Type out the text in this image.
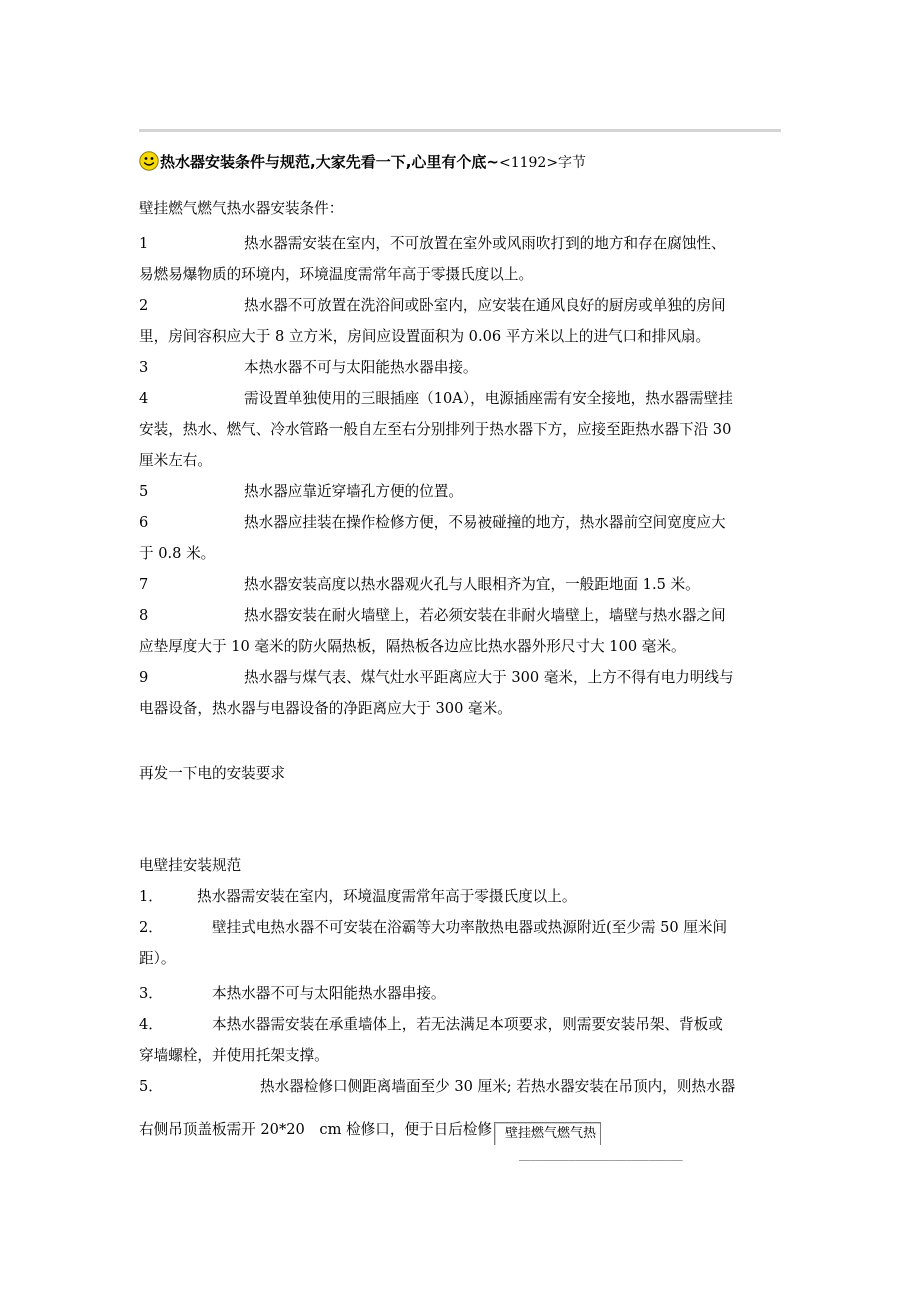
热水器安装条件与规范,大家先看一下,心里有个底~<1192>字节
壁挂燃气燃气热水器安装条件：
1	热水器需安装在室内，不可放置在室外或风雨吹打到的地方和存在腐蚀性、
易燃易爆物质的环境内，环境温度需常年高于零摄氏度以上。
2	热水器不可放置在洗浴间或卧室内，应安装在通风良好的厨房或单独的房间
里，房间容积应大于 8 立方米，房间应设置面积为 0.06 平方米以上的进气口和排风扇。
3	本热水器不可与太阳能热水器串接。
4	需设置单独使用的三眼插座（10A），电源插座需有安全接地，热水器需壁挂
安装，热水、燃气、冷水管路一般自左至右分别排列于热水器下方，应接至距热水器下沿 30
厘米左右。
5	热水器应靠近穿墙孔方便的位置。
6	热水器应挂装在操作检修方便，不易被碰撞的地方，热水器前空间宽度应大
于 0.8 米。
7	热水器安装高度以热水器观火孔与人眼相齐为宜，一般距地面 1.5 米。
8	热水器安装在耐火墙壁上，若必须安装在非耐火墙壁上，墙壁与热水器之间
应垫厚度大于 10 毫米的防火隔热板，隔热板各边应比热水器外形尺寸大 100 毫米。
9	热水器与煤气表、煤气灶水平距离应大于 300 毫米，上方不得有电力明线与
电器设备，热水器与电器设备的净距离应大于 300 毫米。
再发一下电的安装要求
电壁挂安装规范
1． 热水器需安装在室内，环境温度需常年高于零摄氏度以上。
2．	壁挂式电热水器不可安装在浴霸等大功率散热电器或热源附近(至少需 50 厘米间
距）。
3．	本热水器不可与太阳能热水器串接。
4．	本热水器需安装在承重墙体上，若无法满足本项要求，则需要安装吊架、背板或
穿墙螺栓，并使用托架支撑。
5．	热水器检修口侧距离墙面至少 30 厘米; 若热水器安装在吊顶内，则热水器
右侧吊顶盖板需开 20*20　cm 检修口，便于日后检修 壁挂燃气燃气热
_____________________________
